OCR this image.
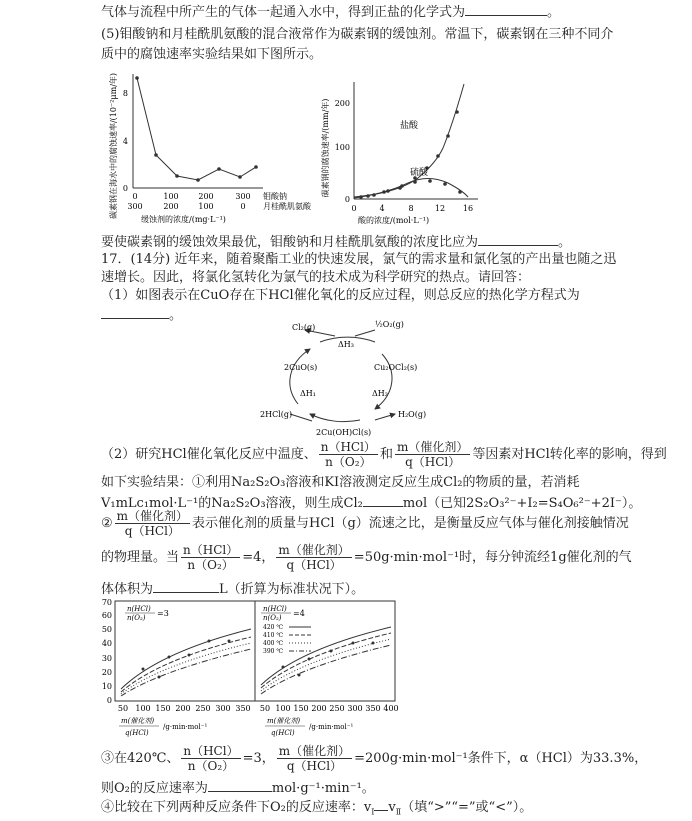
气体与流程中所产生的气体一起通入水中，得到正盐的化学式为	。
(5)钼酸钠和月桂酰肌氨酸的混合液常作为碳素钢的缓蚀剂。常温下，碳素钢在三种不同介
质中的腐蚀速率实验结果如下图所示。
碳素钢在海水中的腐蚀速率/(10⁻²μm/年) 0
4
8
0	100 200	300
300	200 100	0
钼酸钠
月桂酰肌氨酸
缓蚀剂的浓度/(mg·L⁻¹)
碳素钢的腐蚀速率/(mm/年)
0
100
200
盐酸
硫酸
0	4	8	12 16
酸的浓度/(mol·L⁻¹)
要使碳素钢的缓蚀效果最优，钼酸钠和月桂酰肌氨酸的浓度比应为	。
17．(14分) 近年来，随着聚酯工业的快速发展，氯气的需求量和氯化氢的产出量也随之迅
速增长。因此，将氯化氢转化为氯气的技术成为科学研究的热点。请回答：
（1）如图表示在CuO存在下HCl催化氧化的反应过程，则总反应的热化学方程式为
。
Cl₂(g)	½O₂(g)
ΔH₃
2CuO(s)	Cu₂OCl₂(s)
ΔH₁	ΔH₂
2HCl(g)	H₂O(g)
2Cu(OH)Cl(s)
（2）研究HCl催化氧化反应中温度、 $\frac{\text{n（HCl）}}{\text{n（O₂）}}$ 和 $\frac{\text{m（催化剂）}}{\text{q（HCl）}}$ 等因素对HCl转化率的影响，得到
如下实验结果：①利用Na₂S₂O₃溶液和KI溶液测定反应生成Cl₂的物质的量，若消耗
V₁mLc₁mol·L⁻¹的Na₂S₂O₃溶液，则生成Cl₂	mol（已知2S₂O₃²⁻+I₂=S₄O₆²⁻+2I⁻）。
② $\frac{\text{m（催化剂）}}{\text{q（HCl）}}$ 表示催化剂的质量与HCl（g）流速之比，是衡量反应气体与催化剂接触情况
的物理量。当 $\frac{\text{n（HCl）}}{\text{n（O₂）}} =4$， $\frac{\text{m（催化剂）}}{\text{q（HCl）}} =50g\cdot\min\cdot mol^{-1}$时，每分钟流经1g催化剂的气
体体积为	L（折算为标准状况下）。
0
10
20
30
40
50
60
70
n(HCl)
n(O₂) =3	n(HCl)
n(O₂) =4
420 ℃
410 ℃
400 ℃
390 ℃
50 100 150 200 250 300 350 50 100 150 200 250 300 350 400
m(催化剂)
q(HCl)
/g·min·mol⁻¹
m(催化剂)
q(HCl)
/g·min·mol⁻¹
③在420℃、 $\frac{\text{n（HCl）}}{\text{n（O₂）}} =3$， $\frac{\text{m（催化剂）}}{\text{q（HCl）}} =200g\cdot\min\cdot mol^{-1}$条件下，α（HCl）为33.3%，
则O₂的反应速率为	mol·g⁻¹·min⁻¹。
④比较在下列两种反应条件下O₂的反应速率：$v_Ⅰ$ $v_Ⅱ$（填“>”“=”或“<”）。
